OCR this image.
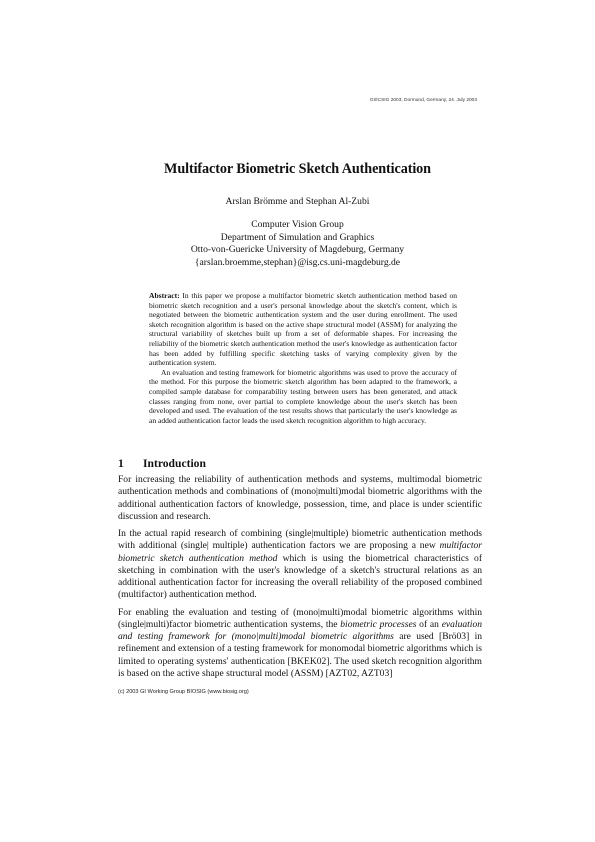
GI/ICSIG 2003, Dormund, Germany, 24. July 2003
Multifactor Biometric Sketch Authentication
Arslan Brömme and Stephan Al-Zubi
Computer Vision Group
Department of Simulation and Graphics
Otto-von-Guericke University of Magdeburg, Germany
{arslan.broemme,stephan}@isg.cs.uni-magdeburg.de

Abstract: In this paper we propose a multifactor biometric sketch authentication method based on biometric sketch recognition and a user's personal knowledge about the sketch's content, which is negotiated between the biometric authentication system and the user during enrollment. The used sketch recognition algorithm is based on the active shape structural model (ASSM) for analyzing the structural variability of sketches built up from a set of deformable shapes. For increasing the reliability of the biometric sketch authentication method the user's knowledge as authentication factor has been added by fulfilling specific sketching tasks of varying complexity given by the authentication system.

An evaluation and testing framework for biometric algorithms was used to prove the accuracy of the method. For this purpose the biometric sketch algorithm has been adapted to the framework, a compiled sample database for comparability testing between users has been generated, and attack classes ranging from none, over partial to complete knowledge about the user's sketch has been developed and used. The evaluation of the test results shows that particularly the user's knowledge as an added authentication factor leads the used sketch recognition algorithm to high accuracy.

1 Introduction

For increasing the reliability of authentication methods and systems, multimodal biometric authentication methods and combinations of (mono|multi)modal biometric algorithms with the additional authentication factors of knowledge, possession, time, and place is under scientific discussion and research.

In the actual rapid research of combining (single|multiple) biometric authentication methods with additional (single| multiple) authentication factors we are proposing a new multifactor biometric sketch authentication method which is using the biometrical characteristics of sketching in combination with the user's knowledge of a sketch's structural relations as an additional authentication factor for increasing the overall reliability of the proposed combined (multifactor) authentication method.

For enabling the evaluation and testing of (mono|multi)modal biometric algorithms within (single|multi)factor biometric authentication systems, the biometric processes of an evaluation and testing framework for (mono|multi)modal biometric algorithms are used [Brö03] in refinement and extension of a testing framework for monomodal biometric algorithms which is limited to operating systems' authentication [BKEK02]. The used sketch recognition algorithm is based on the active shape structural model (ASSM) [AZT02, AZT03]

(c) 2003 GI Working Group BIOSIG (www.biosig.org)
